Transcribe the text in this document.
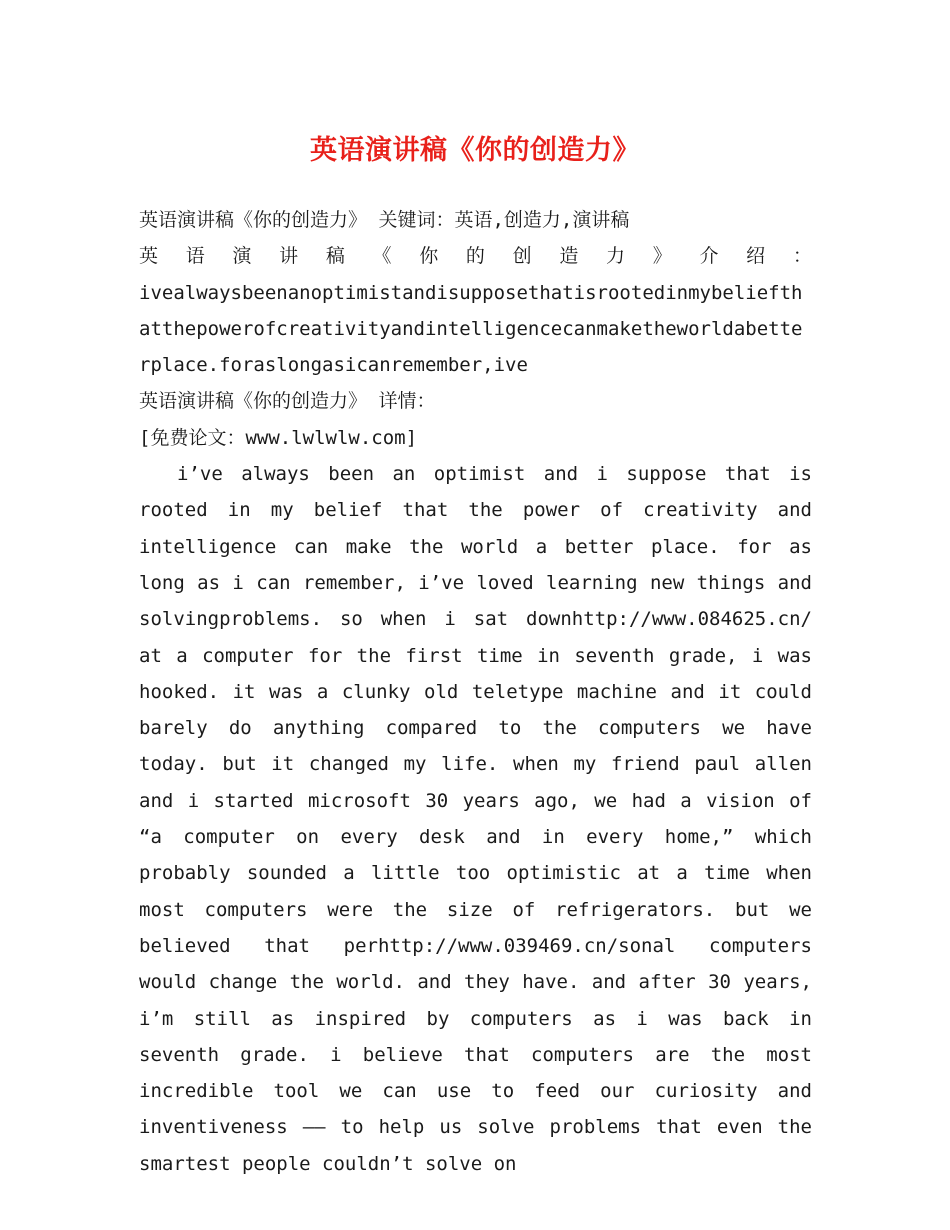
英语演讲稿《你的创造力》
英语演讲稿《你的创造力》 关键词：英语,创造力,演讲稿
英 语 演 讲 稿 《 你 的 创 造 力 》 介 绍 ：
ivealwaysbeenanoptimistandisupposethatisrootedinmybeliefthatthepowerofcreativityandintelligencecanmaketheworldabetterplace.foraslongasicanremember,ive
英语演讲稿《你的创造力》 详情：
[免费论文：www.lwlwlw.com]
i’ve always been an optimist and i suppose that is rooted in my belief that the power of creativity and intelligence can make the world a better place. for as long as i can remember, i’ve loved learning new things and solvingproblems. so when i sat downhttp://www.084625.cn/ at a computer for the first time in seventh grade, i was hooked. it was a clunky old teletype machine and it could barely do anything compared to the computers we have today. but it changed my life. when my friend paul allen and i started microsoft 30 years ago, we had a vision of “a computer on every desk and in every home,” which probably sounded a little too optimistic at a time when most computers were the size of refrigerators. but we believed that perhttp://www.039469.cn/sonal computers would change the world. and they have. and after 30 years, i’m still as inspired by computers as i was back in seventh grade. i believe that computers are the most incredible tool we can use to feed our curiosity and inventiveness —— to help us solve problems that even the smartest people couldn’t solve on
